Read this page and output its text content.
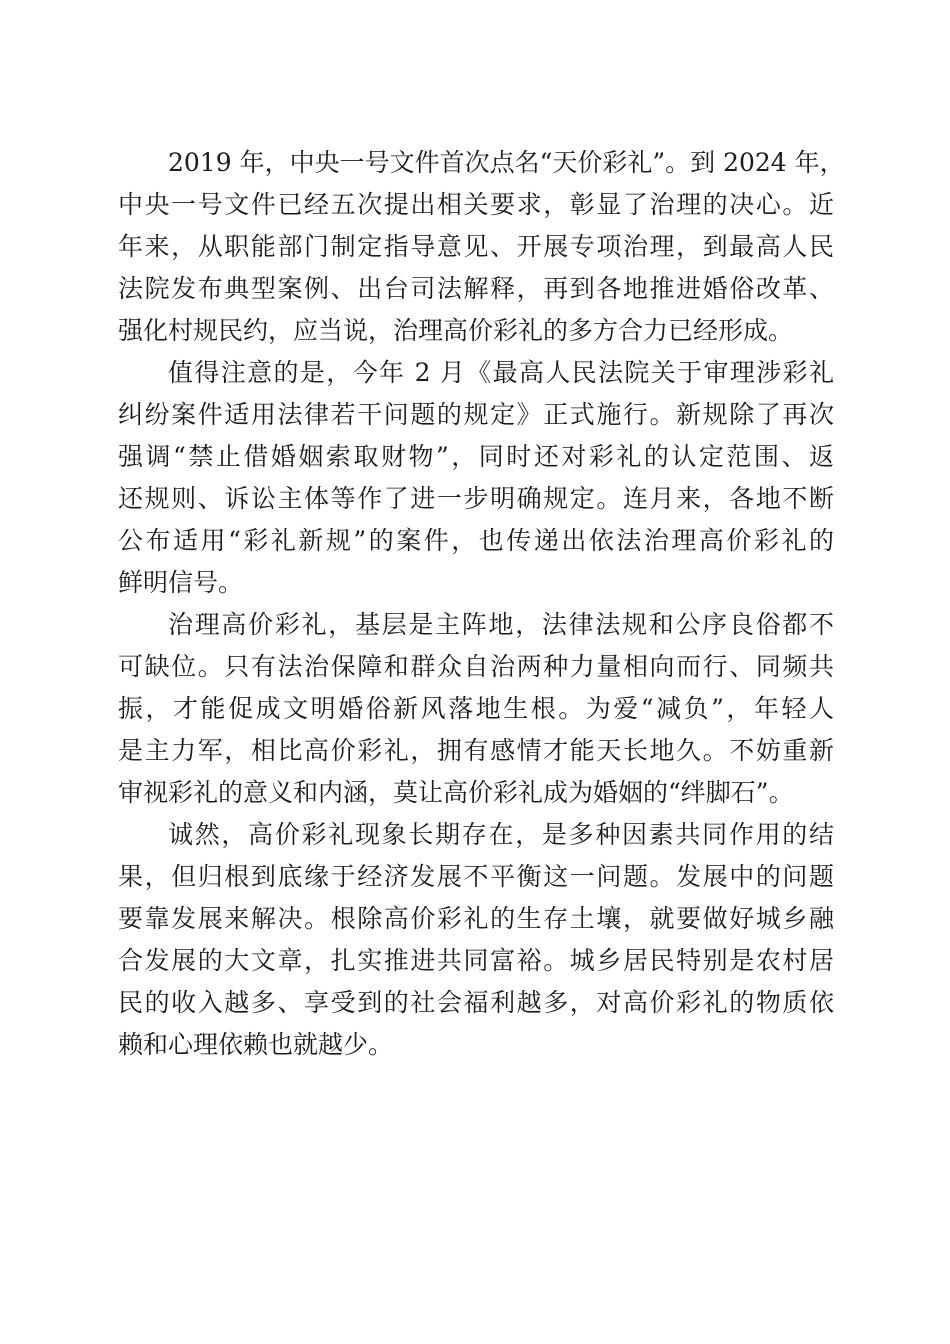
2019 年，中央一号文件首次点名“天价彩礼”。到 2024 年，
中央一号文件已经五次提出相关要求，彰显了治理的决心。近
年来，从职能部门制定指导意见、开展专项治理，到最高人民
法院发布典型案例、出台司法解释，再到各地推进婚俗改革、
强化村规民约，应当说，治理高价彩礼的多方合力已经形成。
值得注意的是，今年 2 月《最高人民法院关于审理涉彩礼
纠纷案件适用法律若干问题的规定》正式施行。新规除了再次
强调“禁止借婚姻索取财物”，同时还对彩礼的认定范围、返
还规则、诉讼主体等作了进一步明确规定。连月来，各地不断
公布适用“彩礼新规”的案件，也传递出依法治理高价彩礼的
鲜明信号。
治理高价彩礼，基层是主阵地，法律法规和公序良俗都不
可缺位。只有法治保障和群众自治两种力量相向而行、同频共
振，才能促成文明婚俗新风落地生根。为爱“减负”，年轻人
是主力军，相比高价彩礼，拥有感情才能天长地久。不妨重新
审视彩礼的意义和内涵，莫让高价彩礼成为婚姻的“绊脚石”。
诚然，高价彩礼现象长期存在，是多种因素共同作用的结
果，但归根到底缘于经济发展不平衡这一问题。发展中的问题
要靠发展来解决。根除高价彩礼的生存土壤，就要做好城乡融
合发展的大文章，扎实推进共同富裕。城乡居民特别是农村居
民的收入越多、享受到的社会福利越多，对高价彩礼的物质依
赖和心理依赖也就越少。
